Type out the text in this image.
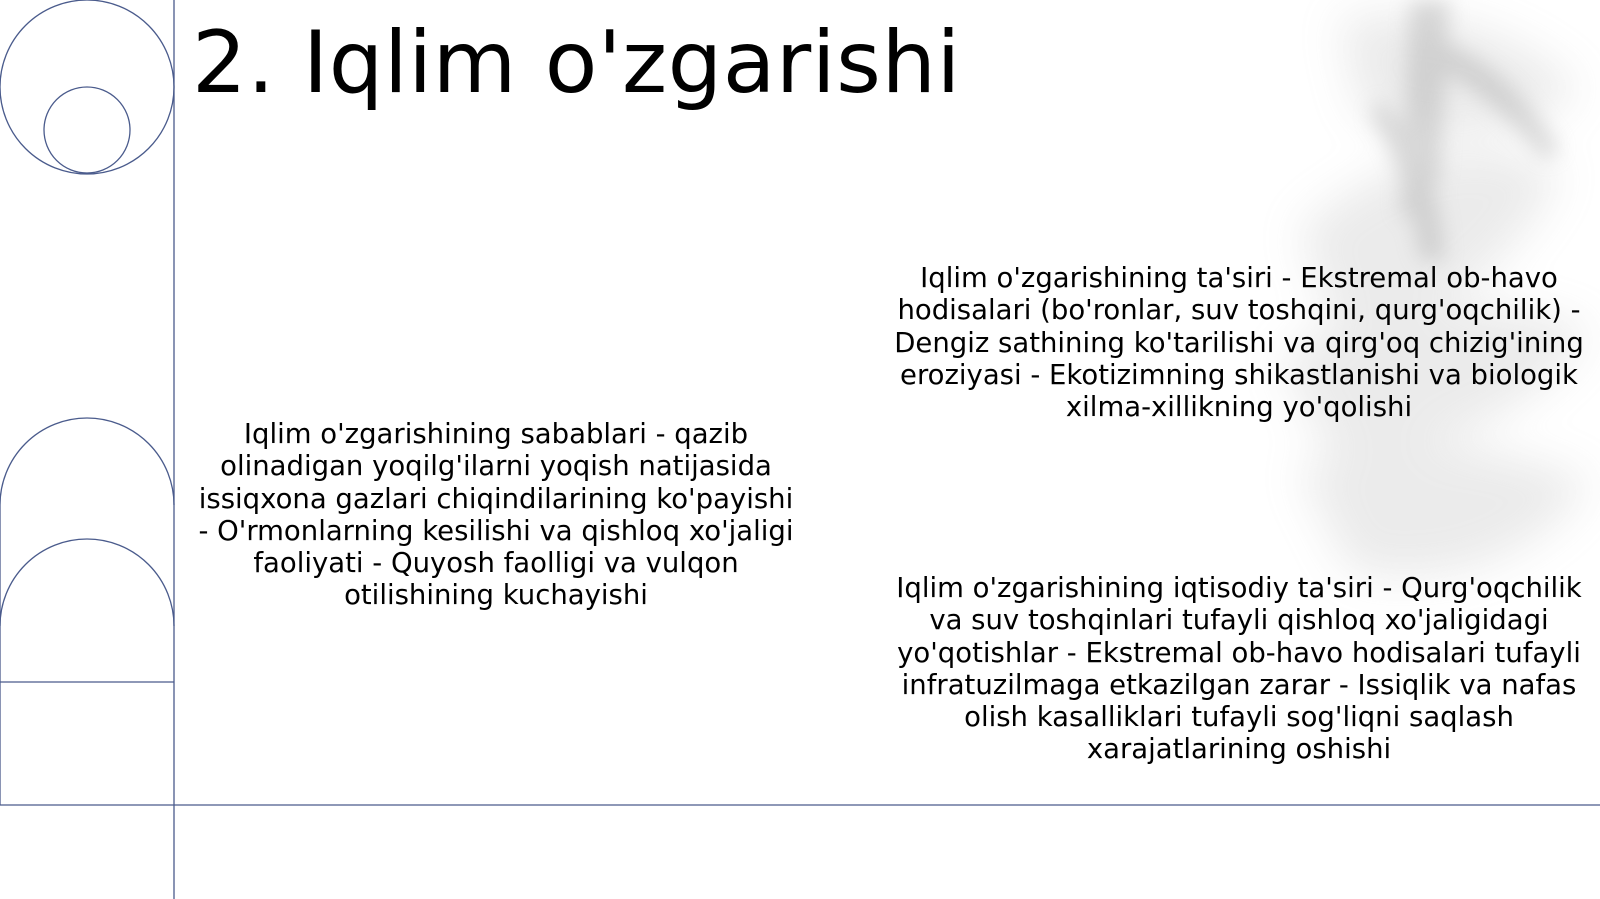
2. Iqlim o'zgarishi
Iqlim o'zgarishining sabablari - qazib olinadigan yoqilg'ilarni yoqish natijasida issiqxona gazlari chiqindilarining ko'payishi - O'rmonlarning kesilishi va qishloq xo'jaligi faoliyati - Quyosh faolligi va vulqon otilishining kuchayishi
Iqlim o'zgarishining ta'siri - Ekstremal ob-havo hodisalari (bo'ronlar, suv toshqini, qurg'oqchilik) - Dengiz sathining ko'tarilishi va qirg'oq chizig'ining eroziyasi - Ekotizimning shikastlanishi va biologik xilma-xillikning yo'qolishi
Iqlim o'zgarishining iqtisodiy ta'siri - Qurg'oqchilik va suv toshqinlari tufayli qishloq xo'jaligidagi yo'qotishlar - Ekstremal ob-havo hodisalari tufayli infratuzilmaga etkazilgan zarar - Issiqlik va nafas olish kasalliklari tufayli sog'liqni saqlash xarajatlarining oshishi
